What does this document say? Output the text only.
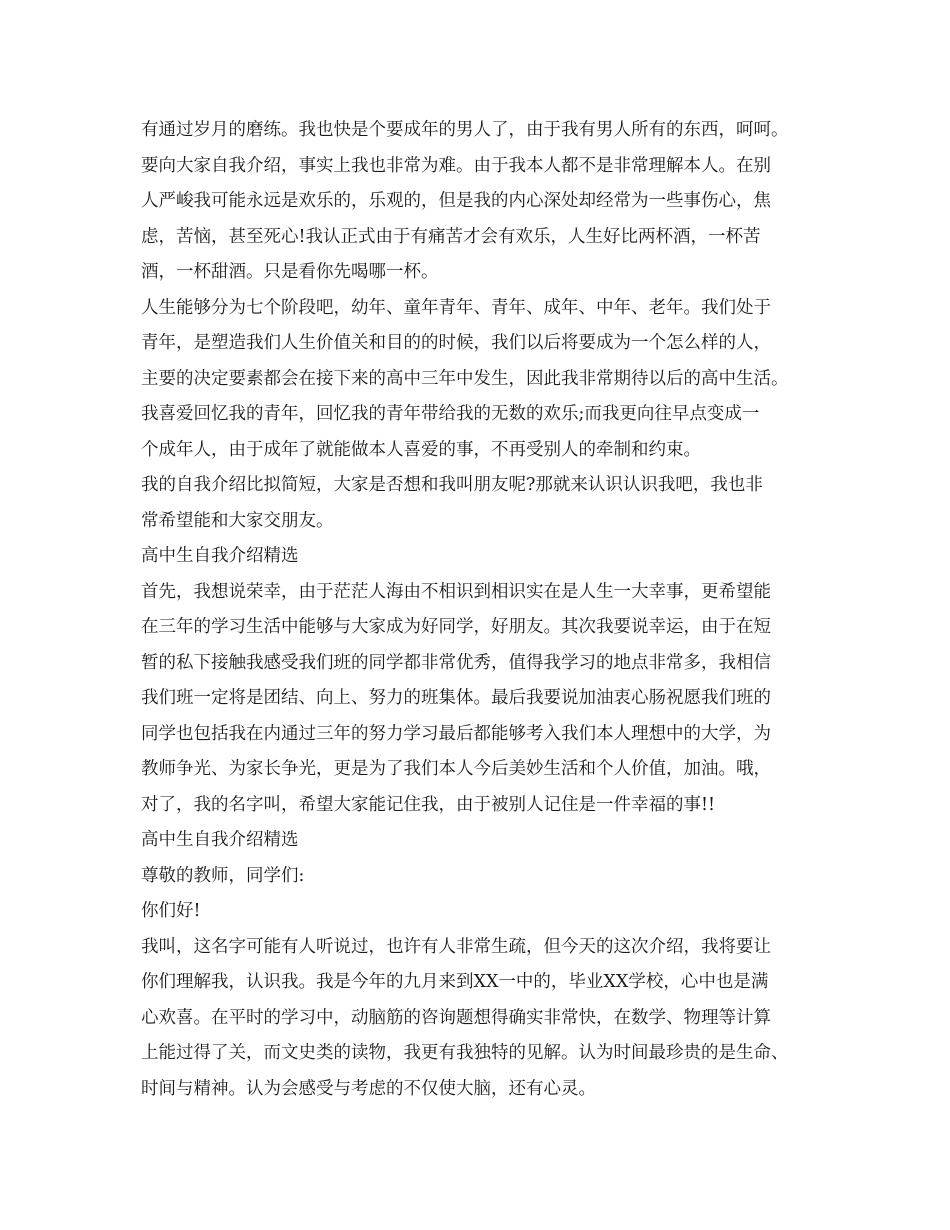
有通过岁月的磨练。我也快是个要成年的男人了，由于我有男人所有的东西，呵呵。
要向大家自我介绍，事实上我也非常为难。由于我本人都不是非常理解本人。在别
人严峻我可能永远是欢乐的，乐观的，但是我的内心深处却经常为一些事伤心，焦
虑，苦恼，甚至死心!我认正式由于有痛苦才会有欢乐，人生好比两杯酒，一杯苦
酒，一杯甜酒。只是看你先喝哪一杯。
人生能够分为七个阶段吧，幼年、童年青年、青年、成年、中年、老年。我们处于
青年，是塑造我们人生价值关和目的的时候，我们以后将要成为一个怎么样的人，
主要的决定要素都会在接下来的高中三年中发生，因此我非常期待以后的高中生活。
我喜爱回忆我的青年，回忆我的青年带给我的无数的欢乐;而我更向往早点变成一
个成年人，由于成年了就能做本人喜爱的事，不再受别人的牵制和约束。
我的自我介绍比拟简短，大家是否想和我叫朋友呢?那就来认识认识我吧，我也非
常希望能和大家交朋友。
高中生自我介绍精选
首先，我想说荣幸，由于茫茫人海由不相识到相识实在是人生一大幸事，更希望能
在三年的学习生活中能够与大家成为好同学，好朋友。其次我要说幸运，由于在短
暂的私下接触我感受我们班的同学都非常优秀，值得我学习的地点非常多，我相信
我们班一定将是团结、向上、努力的班集体。最后我要说加油衷心肠祝愿我们班的
同学也包括我在内通过三年的努力学习最后都能够考入我们本人理想中的大学，为
教师争光、为家长争光，更是为了我们本人今后美妙生活和个人价值，加油。哦，
对了，我的名字叫，希望大家能记住我，由于被别人记住是一件幸福的事!!
高中生自我介绍精选
尊敬的教师，同学们:
你们好!
我叫，这名字可能有人听说过，也许有人非常生疏，但今天的这次介绍，我将要让
你们理解我，认识我。我是今年的九月来到XX一中的，毕业XX学校，心中也是满
心欢喜。在平时的学习中，动脑筋的咨询题想得确实非常快，在数学、物理等计算
上能过得了关，而文史类的读物，我更有我独特的见解。认为时间最珍贵的是生命、
时间与精神。认为会感受与考虑的不仅使大脑，还有心灵。
